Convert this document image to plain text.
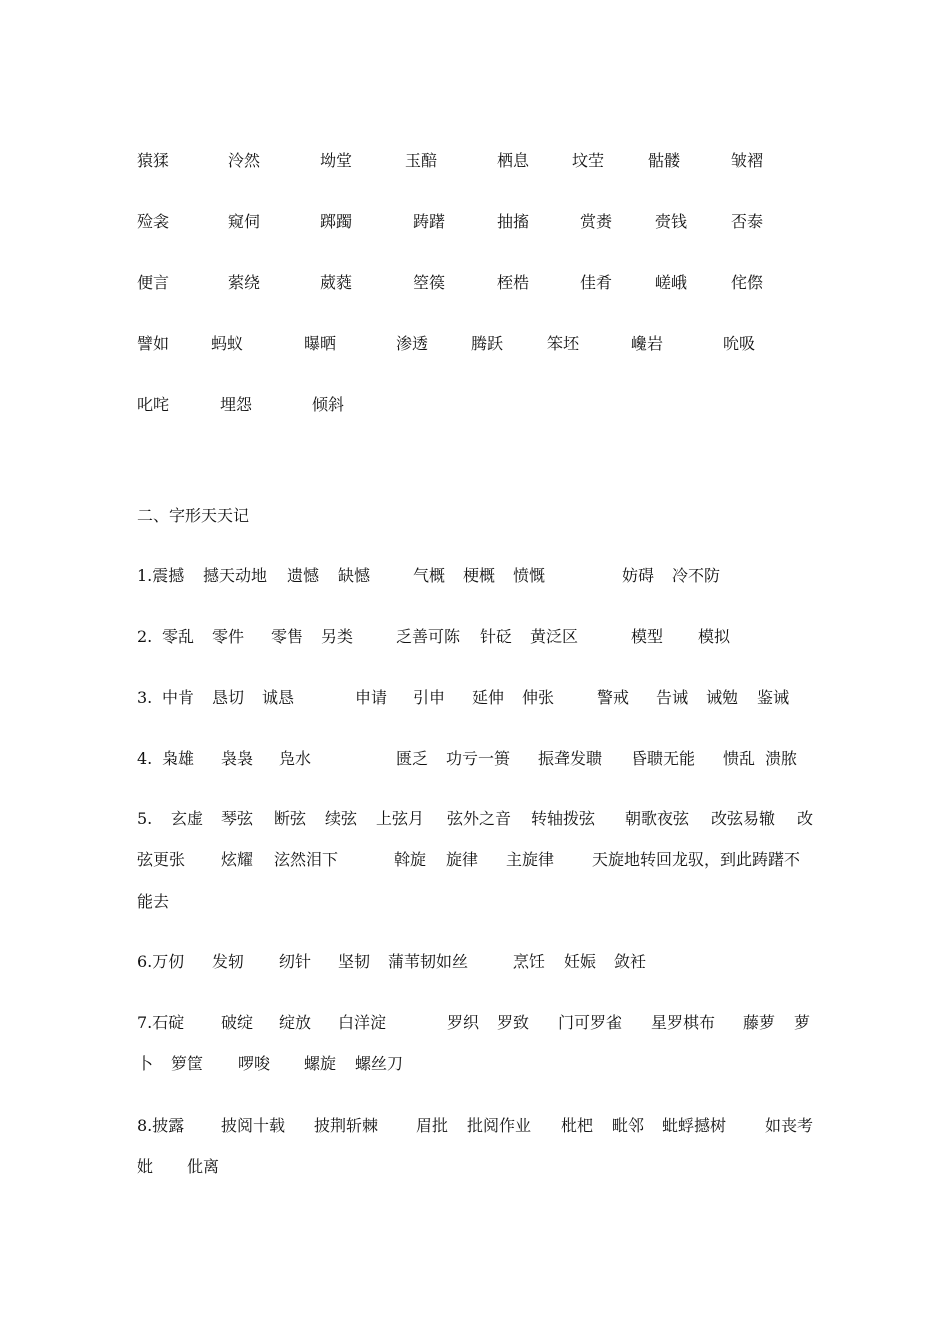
猿猱	泠然	坳堂	玉醅	栖息	坟茔	骷髅	皱褶
殓衾	窥伺	踯躅	踌躇	抽搐	赏赉	赍钱	否泰
便言	萦绕	葳蕤	箜篌	桎梏	佳肴	嵯峨	侘傺
譬如	蚂蚁	曝晒	渗透	腾跃	笨坯	巉岩	吮吸
叱咤	埋怨	倾斜
二、字形天天记
1.震撼 撼天动地 遗憾 缺憾	气概 梗概 愤慨	妨碍 冷不防
2. 零乱 零件 零售 另类	乏善可陈 针砭 黄泛区	模型 模拟
3. 中肯 恳切 诚恳	申请 引申 延伸 伸张	警戒 告诫 诫勉 鉴诫
4. 枭雄 袅袅 凫水	匮乏 功亏一篑 振聋发聩 昏聩无能 愦乱 溃脓
5. 玄虚 琴弦 断弦 续弦 上弦月 弦外之音 转轴拨弦 朝歌夜弦 改弦易辙 改
弦更张 炫耀 泫然泪下	斡旋 旋律 主旋律 天旋地转回龙驭，到此踌躇不
能去
6.万仞 发轫 纫针 坚韧 蒲苇韧如丝	烹饪 妊娠 敛衽
7.石碇 破绽 绽放 白洋淀	罗织 罗致 门可罗雀 星罗棋布 藤萝 萝
卜 箩筐 啰唆 螺旋 螺丝刀
8.披露 披阅十载 披荆斩棘 眉批 批阅作业 枇杷 毗邻 蚍蜉撼树 如丧考
妣 仳离
